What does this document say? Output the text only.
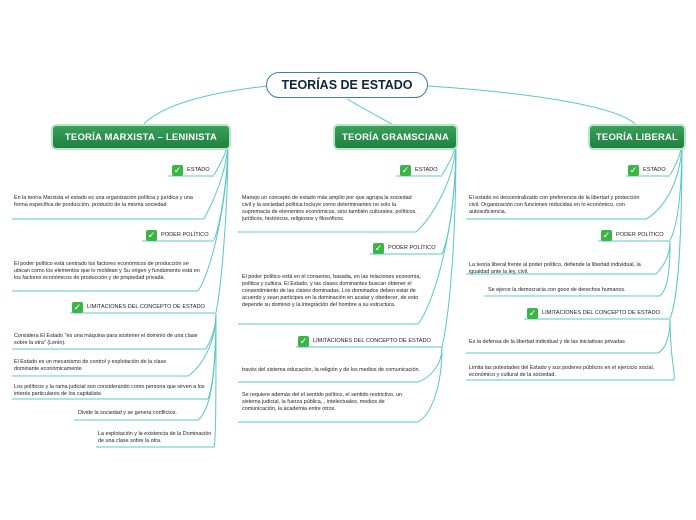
TEORÍAS DE ESTADO
TEORÍA MARXISTA – LENINISTA	TEORÍA GRAMSCIANA	TEORÍA LIBERAL
✓	ESTADO
En la teoría Marxista el estado es una organización política y jurídica y una forma específica de producción. producto de la misma sociedad
✓	PODER POLÍTICO
El poder político está centrado los factores económicos de producción se ubican como los elementos que lo moldean y Su origen y fundamento está en los factores económicos de producción y de propiedad privada.
✓	LIMITACIONES DEL CONCEPTO DE ESTADO
Considera El Estado "es una máquina para sostener el dominio de una clase sobre la otra" (Lenin).
El Estado es un mecanismo de control y explotación de la clase dominante económicamente
Los políticos y la rama judicial son considerando como persona que sirven a los interés particulares de los capitalista
Divide la sociedad y se genera conflictos.
La explotación y la existencia de la Dominación de una clase sobre la otra.
✓	ESTADO
Manejo un concepto de estado más amplio por que agrupa la sociedad civil y la sociedad política Incluye como determinantes no solo la supremacía de elementos económicos, sino también culturales, políticos, jurídicos, históricos, religiosos y filosóficos.
✓	PODER POLÍTICO
El poder político está en el consenso, basada, en las relaciones economía, política y cultura. El Estado, y las clases dominantes buscan obtener el consentimiento de las clases dominadas. Los dominados deben estar de acuerdo y sean participes en la dominación en acatar y obedecer, de esto depende su dominio y la integración del hombre a su estructura.
✓	LIMITACIONES DEL CONCEPTO DE ESTADO
través del sistema educación, la religión y de los medios de comunicación.
Se requiere además del el sentido político, el sentido restrictivo, un sistema judicial, la fuerza pública, , intelectuales, medios de comunicación, la academia entre otros.
✓	ESTADO
El estado es descentralizado con preferencia de la libertad y protección civil. Organización con funciones reducidas en lo económico, con autosuficiencia.
✓	PODER POLÍTICO
La teoría liberal frente al poder político, defiende la libertad individual, la igualdad ante la ley, civil.
Se ejerce la democracia con goce de derechos humanos.
✓	LIMITACIONES DEL CONCEPTO DE ESTADO
Es la defensa de la libertad individual y de las iniciativas privadas
Limita las potestades del Estado y sus poderes públicos en el ejercicio social, económico y cultural de la sociedad.
